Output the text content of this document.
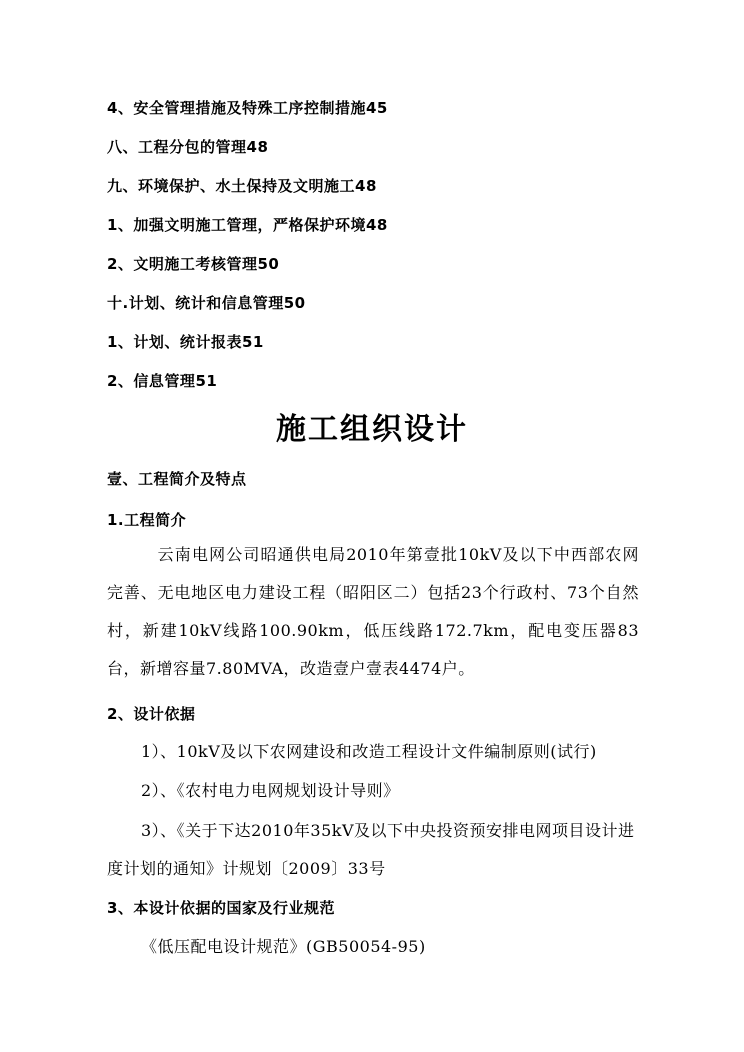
4、安全管理措施及特殊工序控制措施45
八、工程分包的管理48
九、环境保护、水土保持及文明施工48
1、加强文明施工管理，严格保护环境48
2、文明施工考核管理50
十.计划、统计和信息管理50
1、计划、统计报表51
2、信息管理51
施工组织设计
壹、工程简介及特点
1.工程简介
云南电网公司昭通供电局2010年第壹批10kV及以下中西部农网完善、无电地区电力建设工程（昭阳区二）包括23个行政村、73个自然村，新建10kV线路100.90km，低压线路172.7km，配电变压器83台，新增容量7.80MVA，改造壹户壹表4474户。
2、设计依据
1）、10kV及以下农网建设和改造工程设计文件编制原则(试行)
2）、《农村电力电网规划设计导则》
3）、《关于下达2010年35kV及以下中央投资预安排电网项目设计进度计划的通知》计规划〔2009〕33号
3、本设计依据的国家及行业规范
《低压配电设计规范》(GB50054-95)
